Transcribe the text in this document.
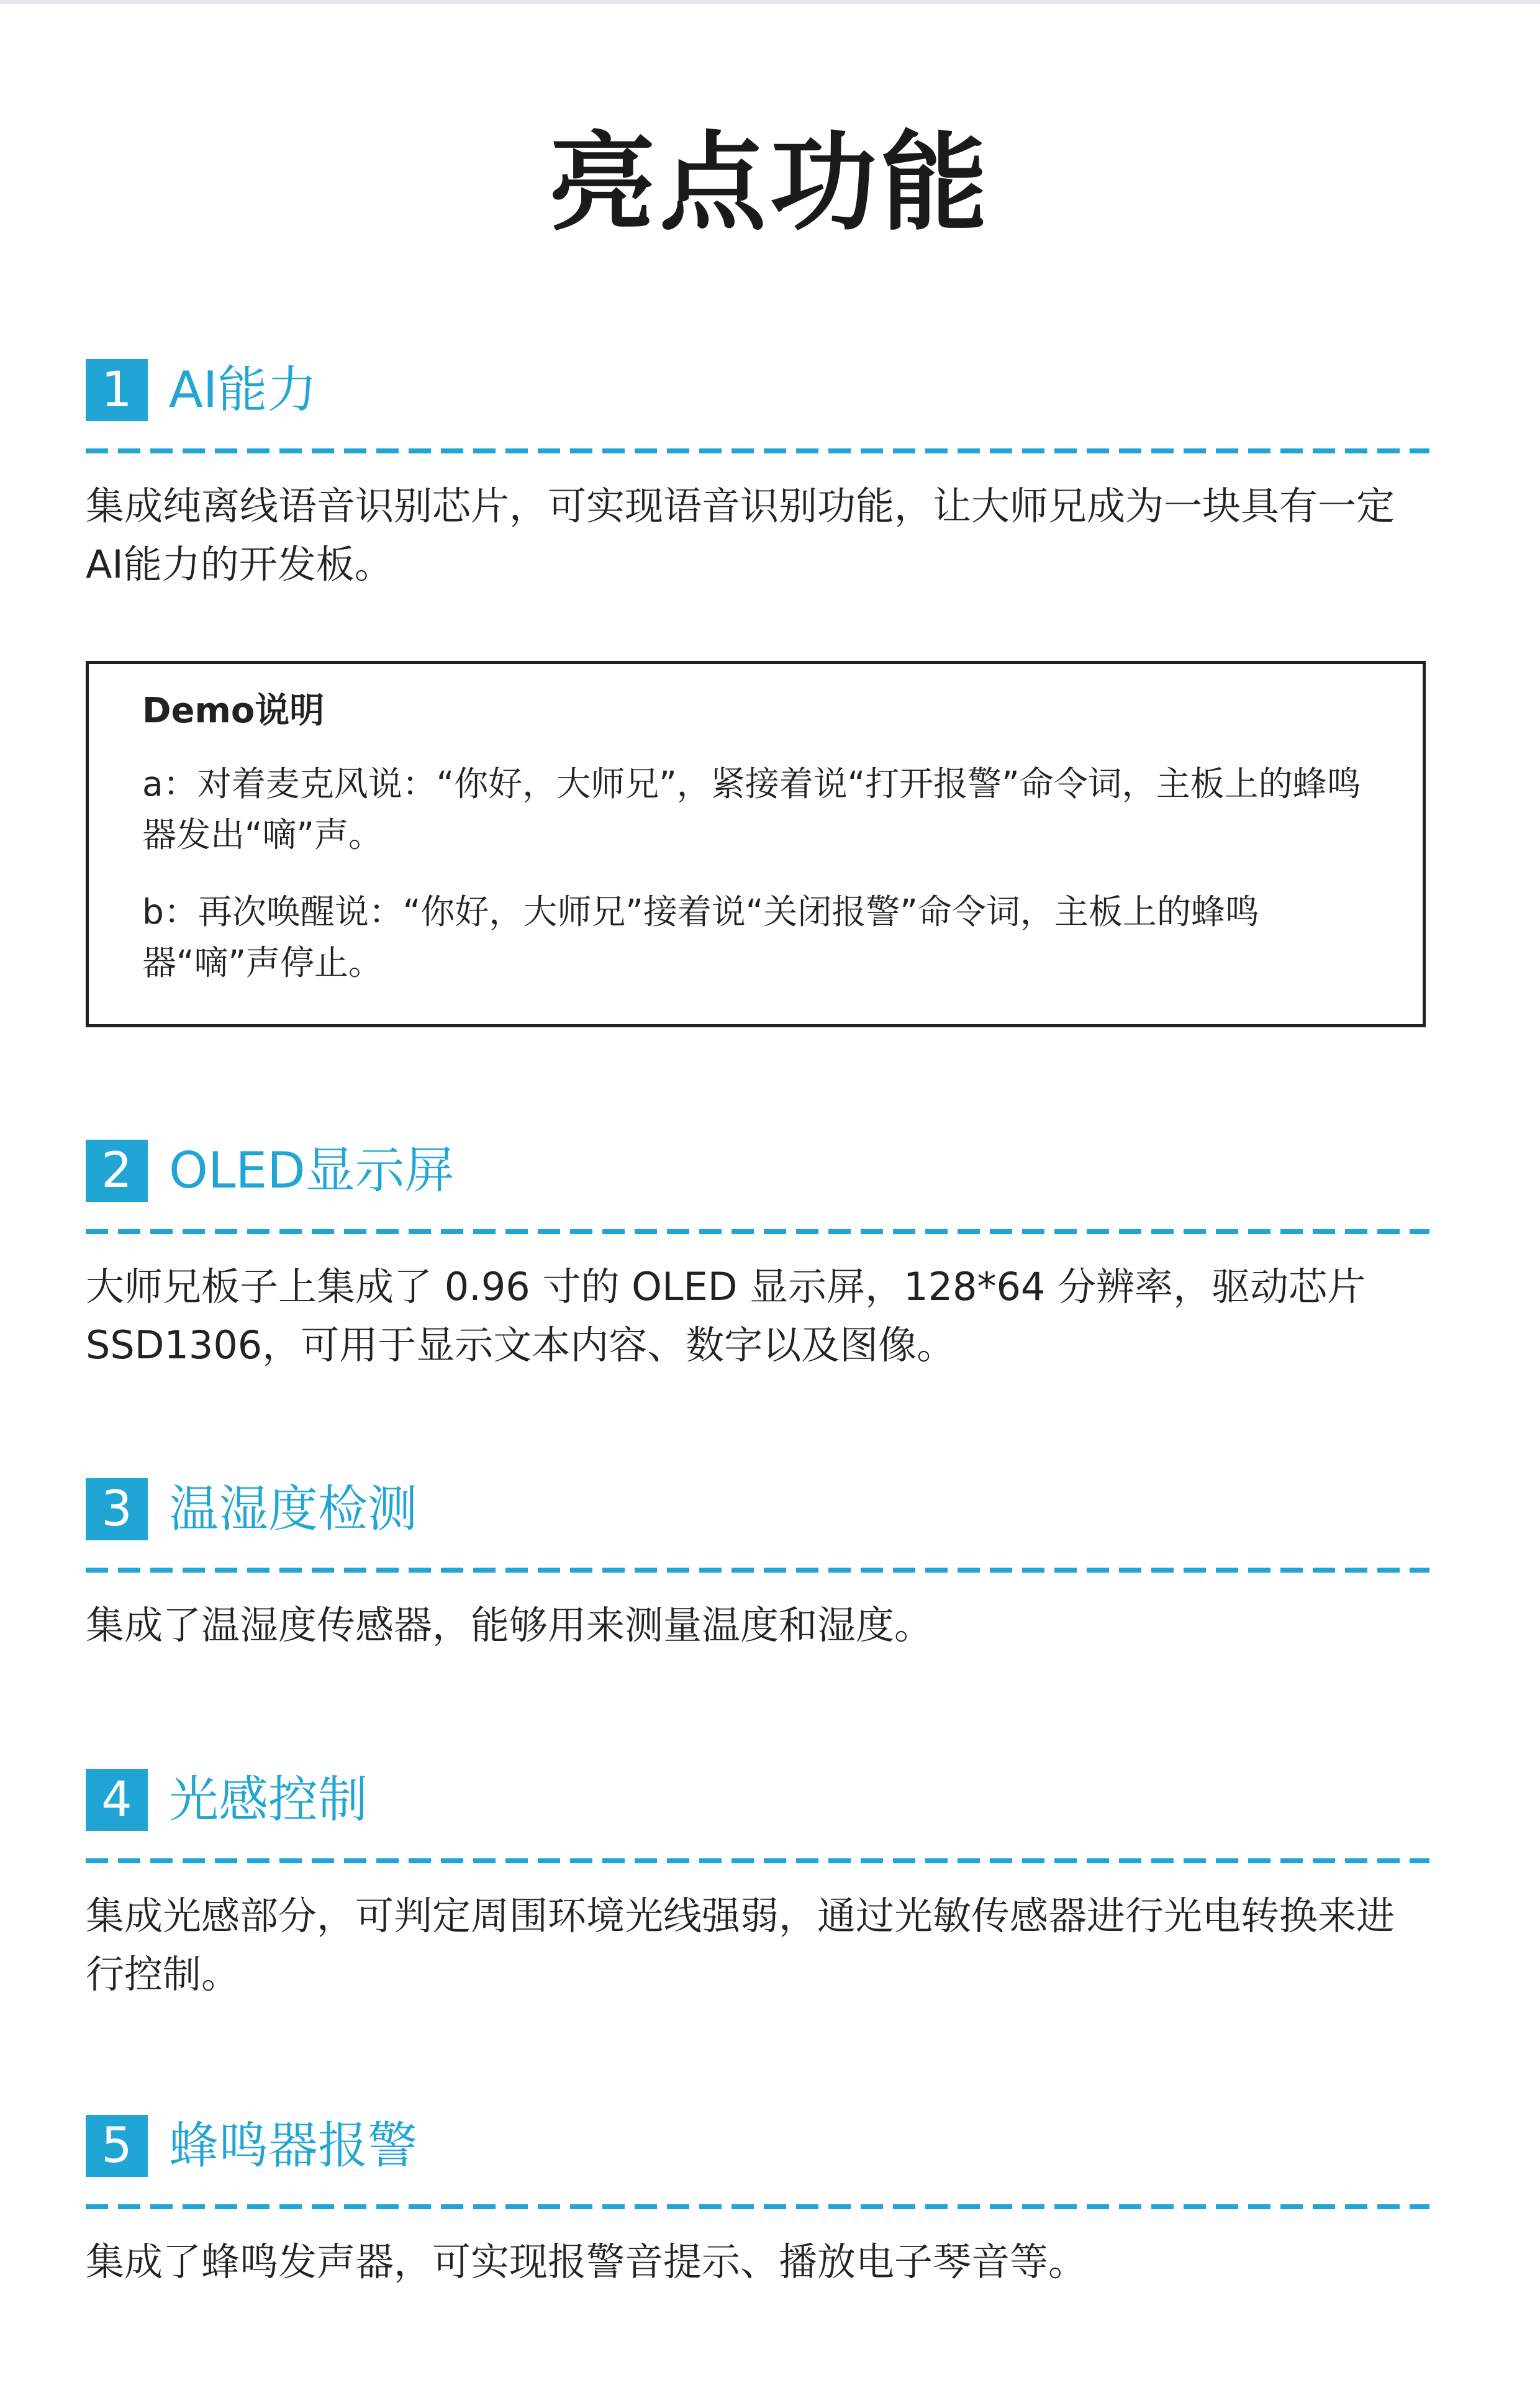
亮点功能
1 AI能力
集成纯离线语音识别芯片，可实现语音识别功能，让大师兄成为一块具有一定AI能力的开发板。
Demo说明
a：对着麦克风说：“你好，大师兄”，紧接着说“打开报警”命令词，主板上的蜂鸣器发出“嘀”声。
b：再次唤醒说：“你好，大师兄”接着说“关闭报警”命令词，主板上的蜂鸣器“嘀”声停止。
2 OLED显示屏
大师兄板子上集成了 0.96 寸的 OLED 显示屏，128*64 分辨率，驱动芯片 SSD1306，可用于显示文本内容、数字以及图像。
3 温湿度检测
集成了温湿度传感器，能够用来测量温度和湿度。
4 光感控制
集成光感部分，可判定周围环境光线强弱，通过光敏传感器进行光电转换来进行控制。
5 蜂鸣器报警
集成了蜂鸣发声器，可实现报警音提示、播放电子琴音等。
